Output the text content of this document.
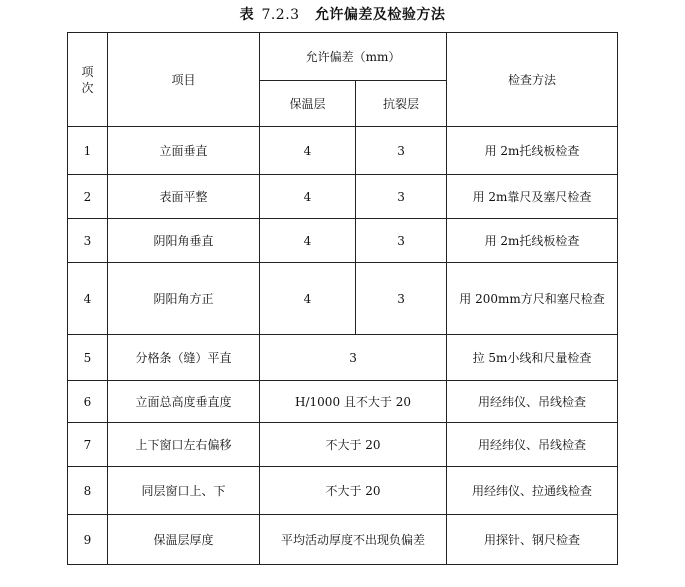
表 7.2.3 允许偏差及检验方法
项
次	项目	允许偏差（mm）		检查方法
		保温层	抗裂层	
1	立面垂直	4	3	用 2m托线板检查
2	表面平整	4	3	用 2m靠尺及塞尺检查
3	阴阳角垂直	4	3	用 2m托线板检查
4	阴阳角方正	4	3	用 200mm方尺和塞尺检查
5	分格条（缝）平直	3		拉 5m小线和尺量检查
6	立面总高度垂直度	H/1000 且不大于 20		用经纬仪、吊线检查
7	上下窗口左右偏移	不大于 20		用经纬仪、吊线检查
8	同层窗口上、下	不大于 20		用经纬仪、拉通线检查
9	保温层厚度	平均活动厚度不出现负偏差		用探针、钢尺检查
